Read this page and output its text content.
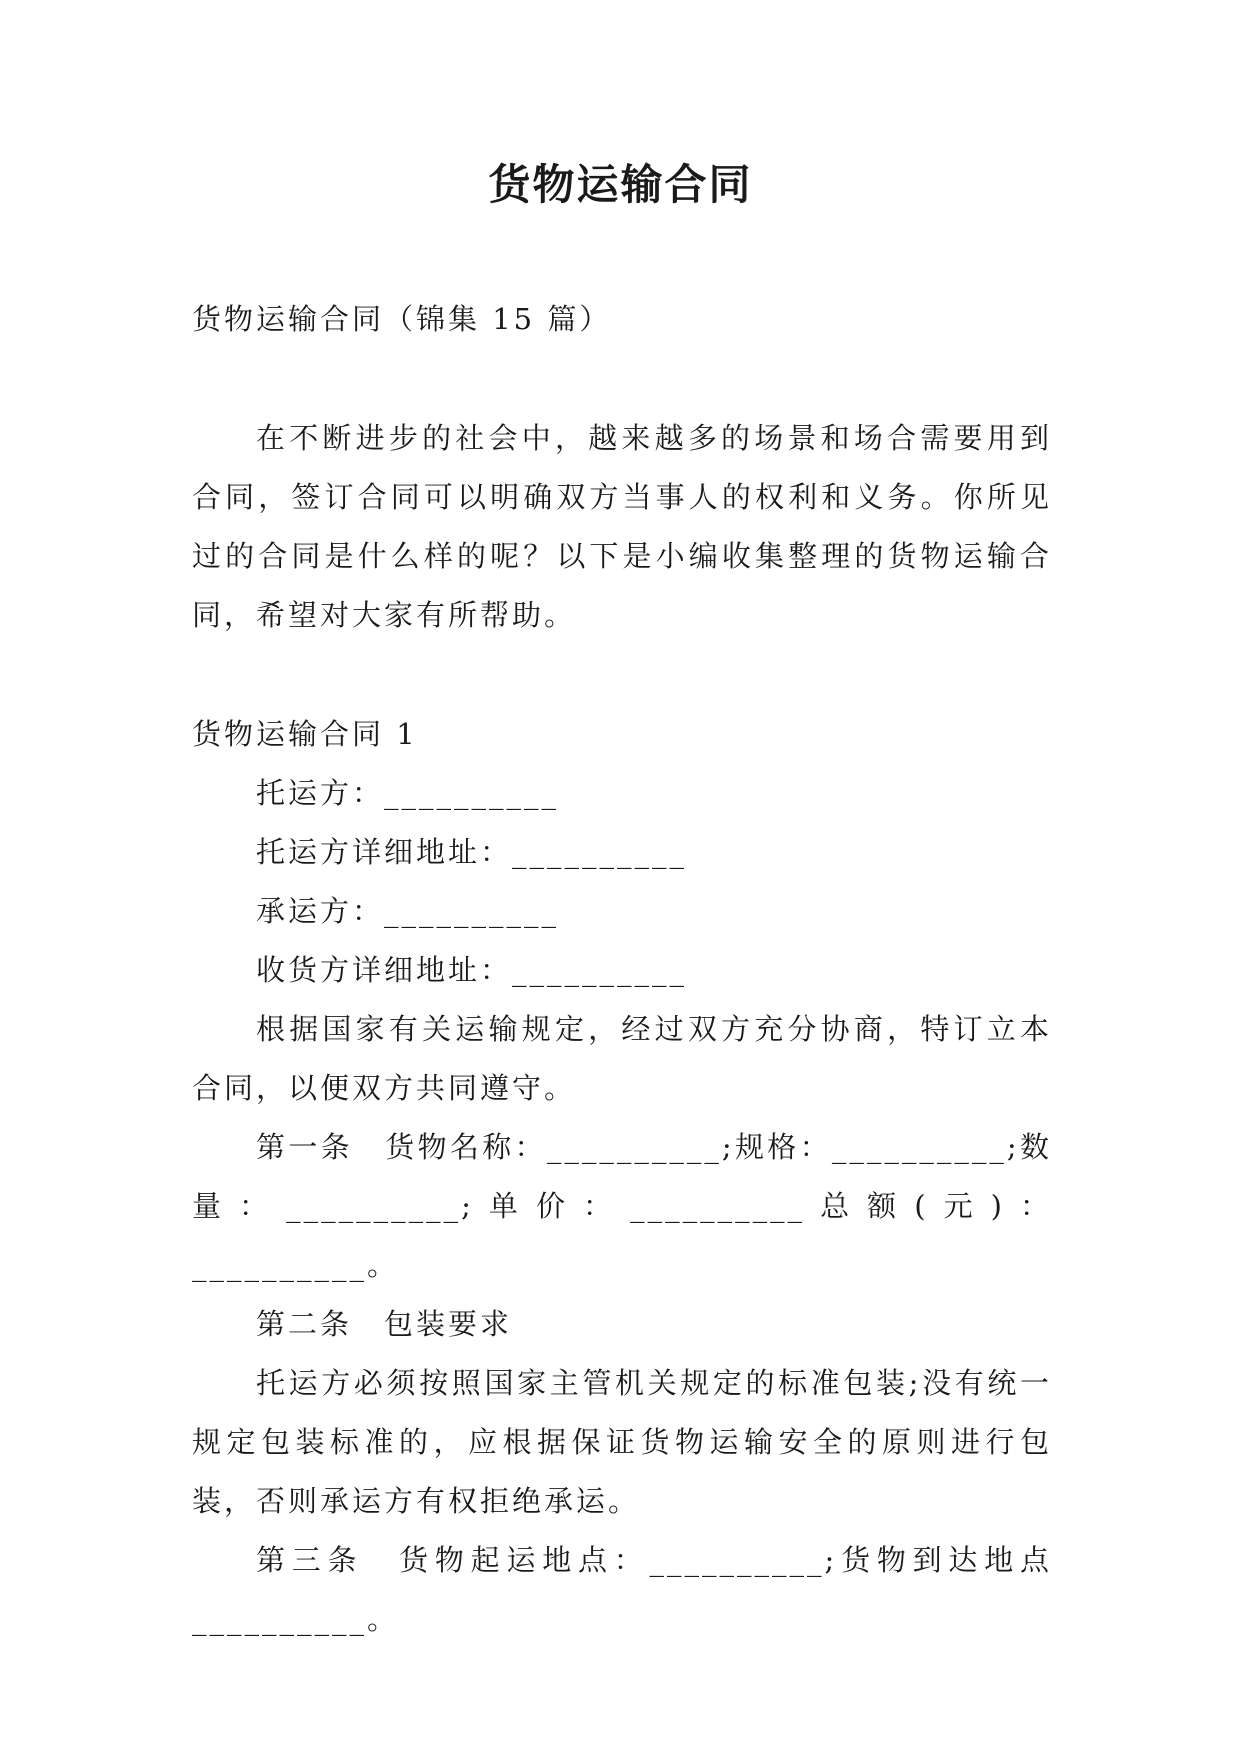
货物运输合同

货物运输合同（锦集 15 篇）

在不断进步的社会中，越来越多的场景和场合需要用到合同，签订合同可以明确双方当事人的权利和义务。你所见过的合同是什么样的呢？以下是小编收集整理的货物运输合同，希望对大家有所帮助。

货物运输合同 1

托运方：__________

托运方详细地址：__________

承运方：__________

收货方详细地址：__________

根据国家有关运输规定，经过双方充分协商，特订立本合同，以便双方共同遵守。

第一条　货物名称：__________;规格：__________;数量：__________;单价：__________总额(元)：__________。

第二条　包装要求

托运方必须按照国家主管机关规定的标准包装;没有统一规定包装标准的，应根据保证货物运输安全的原则进行包装，否则承运方有权拒绝承运。

第三条　货物起运地点：__________;货物到达地点__________。
